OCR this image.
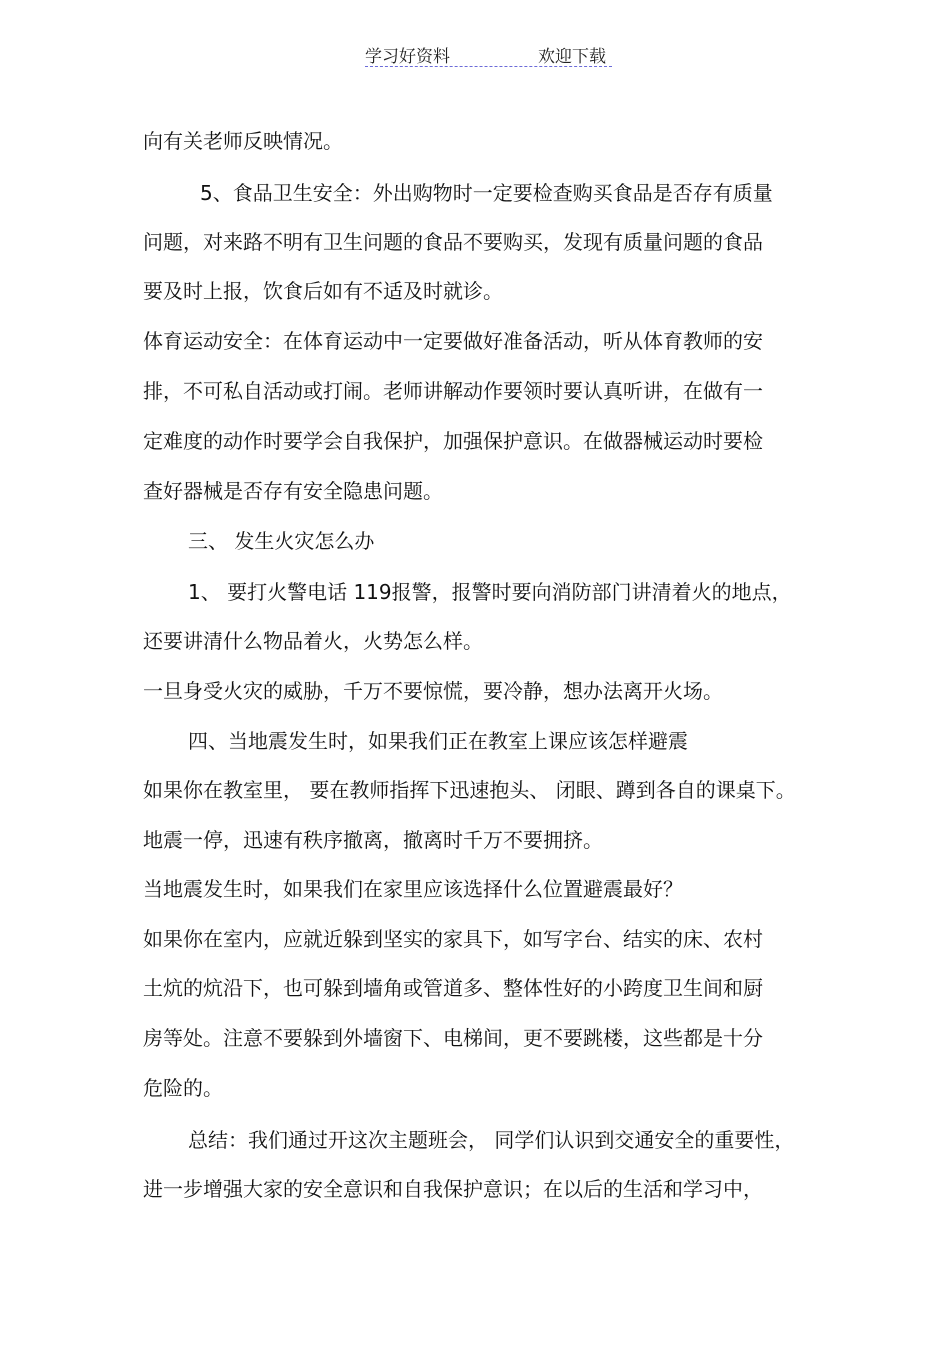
学习好资料	欢迎下载
向有关老师反映情况。
5、食品卫生安全：外出购物时一定要检查购买食品是否存有质量
问题，对来路不明有卫生问题的食品不要购买，发现有质量问题的食品
要及时上报，饮食后如有不适及时就诊。
体育运动安全：在体育运动中一定要做好准备活动，听从体育教师的安
排，不可私自活动或打闹。老师讲解动作要领时要认真听讲，在做有一
定难度的动作时要学会自我保护，加强保护意识。在做器械运动时要检
查好器械是否存有安全隐患问题。
三、 发生火灾怎么办
1、 要打火警电话 119报警，报警时要向消防部门讲清着火的地点，
还要讲清什么物品着火，火势怎么样。
一旦身受火灾的威胁，千万不要惊慌，要冷静，想办法离开火场。
四、当地震发生时，如果我们正在教室上课应该怎样避震
如果你在教室里， 要在教师指挥下迅速抱头、 闭眼、蹲到各自的课桌下。
地震一停，迅速有秩序撤离，撤离时千万不要拥挤。
当地震发生时，如果我们在家里应该选择什么位置避震最好？
如果你在室内，应就近躲到坚实的家具下，如写字台、结实的床、农村
土炕的炕沿下，也可躲到墙角或管道多、整体性好的小跨度卫生间和厨
房等处。注意不要躲到外墙窗下、电梯间，更不要跳楼，这些都是十分
危险的。
总结：我们通过开这次主题班会， 同学们认识到交通安全的重要性，
进一步增强大家的安全意识和自我保护意识；在以后的生活和学习中，
